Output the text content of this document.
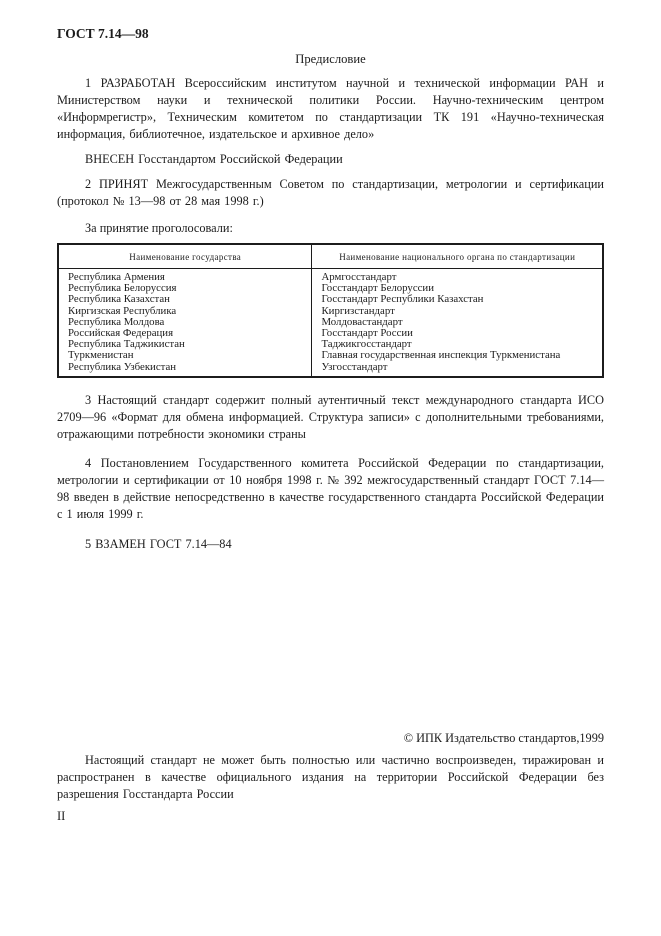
ГОСТ 7.14—98
Предисловие

1 РАЗРАБОТАН Всероссийским институтом научной и технической информации РАН и Министерством науки и технической политики России. Научно-техническим центром «Информрегистр», Техническим комитетом по стандартизации ТК 191 «Научно-техническая информация, библиотечное, издательское и архивное дело»

ВНЕСЕН Госстандартом Российской Федерации

2 ПРИНЯТ Межгосударственным Советом по стандартизации, метрологии и сертификации (протокол № 13—98 от 28 мая 1998 г.)

За принятие проголосовали:

Наименование государства	Наименование национального органа по стандартизации
Республика Армения	Армгосстандарт
Республика Белоруссия	Госстандарт Белоруссии
Республика Казахстан	Госстандарт Республики Казахстан
Киргизская Республика	Киргизстандарт
Республика Молдова	Молдовастандарт
Российская Федерация	Госстандарт России
Республика Таджикистан	Таджикгосстандарт
Туркменистан	Главная государственная инспекция Туркменистана
Республика Узбекистан	Узгосстандарт

3 Настоящий стандарт содержит полный аутентичный текст международного стандарта ИСО 2709—96 «Формат для обмена информацией. Структура записи» с дополнительными требованиями, отражающими потребности экономики страны

4 Постановлением Государственного комитета Российской Федерации по стандартизации, метрологии и сертификации от 10 ноября 1998 г. № 392 межгосударственный стандарт ГОСТ 7.14—98 введен в действие непосредственно в качестве государственного стандарта Российской Федерации с 1 июля 1999 г.

5 ВЗАМЕН ГОСТ 7.14—84

© ИПК Издательство стандартов,1999

Настоящий стандарт не может быть полностью или частично воспроизведен, тиражирован и распространен в качестве официального издания на территории Российской Федерации без разрешения Госстандарта России

II
